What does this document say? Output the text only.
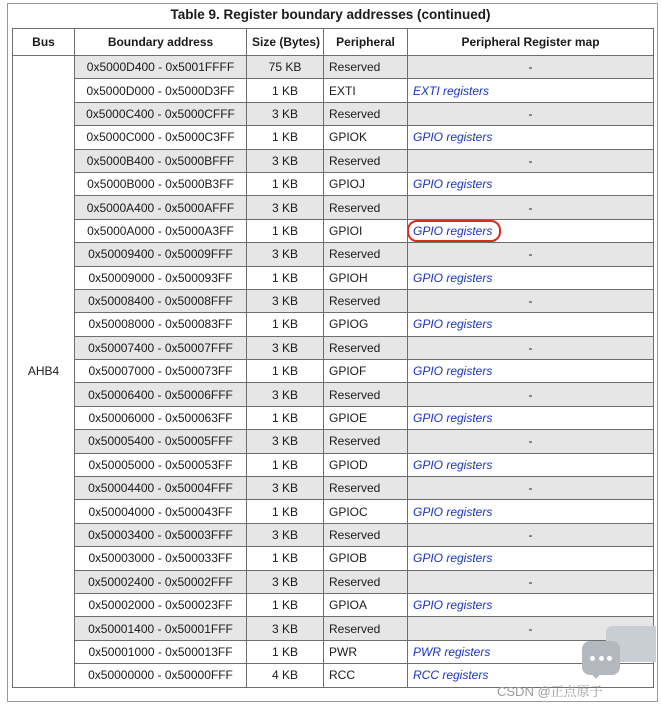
Table 9. Register boundary addresses (continued)
Bus	Boundary address	Size (Bytes)	Peripheral	Peripheral Register map
AHB4	0x5000D400 - 0x5001FFFF	75 KB	Reserved	-
	0x5000D000 - 0x5000D3FF	1 KB	EXTI	EXTI registers
	0x5000C400 - 0x5000CFFF	3 KB	Reserved	-
	0x5000C000 - 0x5000C3FF	1 KB	GPIOK	GPIO registers
	0x5000B400 - 0x5000BFFF	3 KB	Reserved	-
	0x5000B000 - 0x5000B3FF	1 KB	GPIOJ	GPIO registers
	0x5000A400 - 0x5000AFFF	3 KB	Reserved	-
	0x5000A000 - 0x5000A3FF	1 KB	GPIOI	GPIO registers

	0x50009400 - 0x50009FFF	3 KB	Reserved	-
	0x50009000 - 0x500093FF	1 KB	GPIOH	GPIO registers
	0x50008400 - 0x50008FFF	3 KB	Reserved	-
	0x50008000 - 0x500083FF	1 KB	GPIOG	GPIO registers
	0x50007400 - 0x50007FFF	3 KB	Reserved	-
	0x50007000 - 0x500073FF	1 KB	GPIOF	GPIO registers
	0x50006400 - 0x50006FFF	3 KB	Reserved	-
	0x50006000 - 0x500063FF	1 KB	GPIOE	GPIO registers
	0x50005400 - 0x50005FFF	3 KB	Reserved	-
	0x50005000 - 0x500053FF	1 KB	GPIOD	GPIO registers
	0x50004400 - 0x50004FFF	3 KB	Reserved	-
	0x50004000 - 0x500043FF	1 KB	GPIOC	GPIO registers
	0x50003400 - 0x50003FFF	3 KB	Reserved	-
	0x50003000 - 0x500033FF	1 KB	GPIOB	GPIO registers
	0x50002400 - 0x50002FFF	3 KB	Reserved	-
	0x50002000 - 0x500023FF	1 KB	GPIOA	GPIO registers
	0x50001400 - 0x50001FFF	3 KB	Reserved	-
	0x50001000 - 0x500013FF	1 KB	PWR	PWR registers
	0x50000000 - 0x50000FFF	4 KB	RCC	RCC registers
CSDN @正点原子
